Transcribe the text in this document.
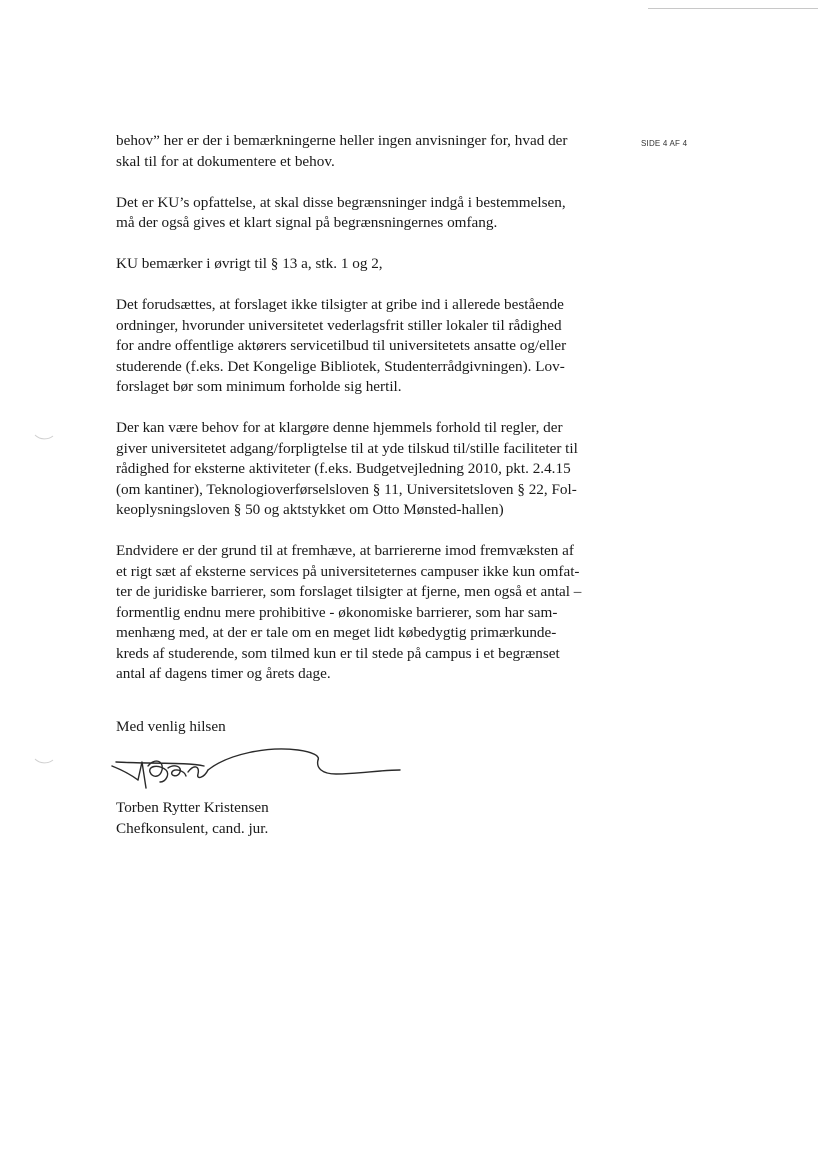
SIDE 4 AF 4

behov” her er der i bemærkningerne heller ingen anvisninger for, hvad der
skal til for at dokumentere et behov.

Det er KU’s opfattelse, at skal disse begrænsninger indgå i bestemmelsen,
må der også gives et klart signal på begrænsningernes omfang.

KU bemærker i øvrigt til § 13 a, stk. 1 og 2,

Det forudsættes, at forslaget ikke tilsigter at gribe ind i allerede bestående
ordninger, hvorunder universitetet vederlagsfrit stiller lokaler til rådighed
for andre offentlige aktørers servicetilbud til universitetets ansatte og/eller
studerende (f.eks. Det Kongelige Bibliotek, Studenterrådgivningen). Lov-
forslaget bør som minimum forholde sig hertil.

Der kan være behov for at klargøre denne hjemmels forhold til regler, der
giver universitetet adgang/forpligtelse til at yde tilskud til/stille faciliteter til
rådighed for eksterne aktiviteter (f.eks. Budgetvejledning 2010, pkt. 2.4.15
(om kantiner), Teknologioverførselsloven § 11, Universitetsloven § 22, Fol-
keoplysningsloven § 50 og aktstykket om Otto Mønsted-hallen)

Endvidere er der grund til at fremhæve, at barriererne imod fremvæksten af
et rigt sæt af eksterne services på universiteternes campuser ikke kun omfat-
ter de juridiske barrierer, som forslaget tilsigter at fjerne, men også et antal –
formentlig endnu mere prohibitive - økonomiske barrierer, som har sam-
menhæng med, at der er tale om en meget lidt købedygtig primærkunde-
kreds af studerende, som tilmed kun er til stede på campus i et begrænset
antal af dagens timer og årets dage.

Med venlig hilsen
Torben Rytter Kristensen
Chefkonsulent, cand. jur.
